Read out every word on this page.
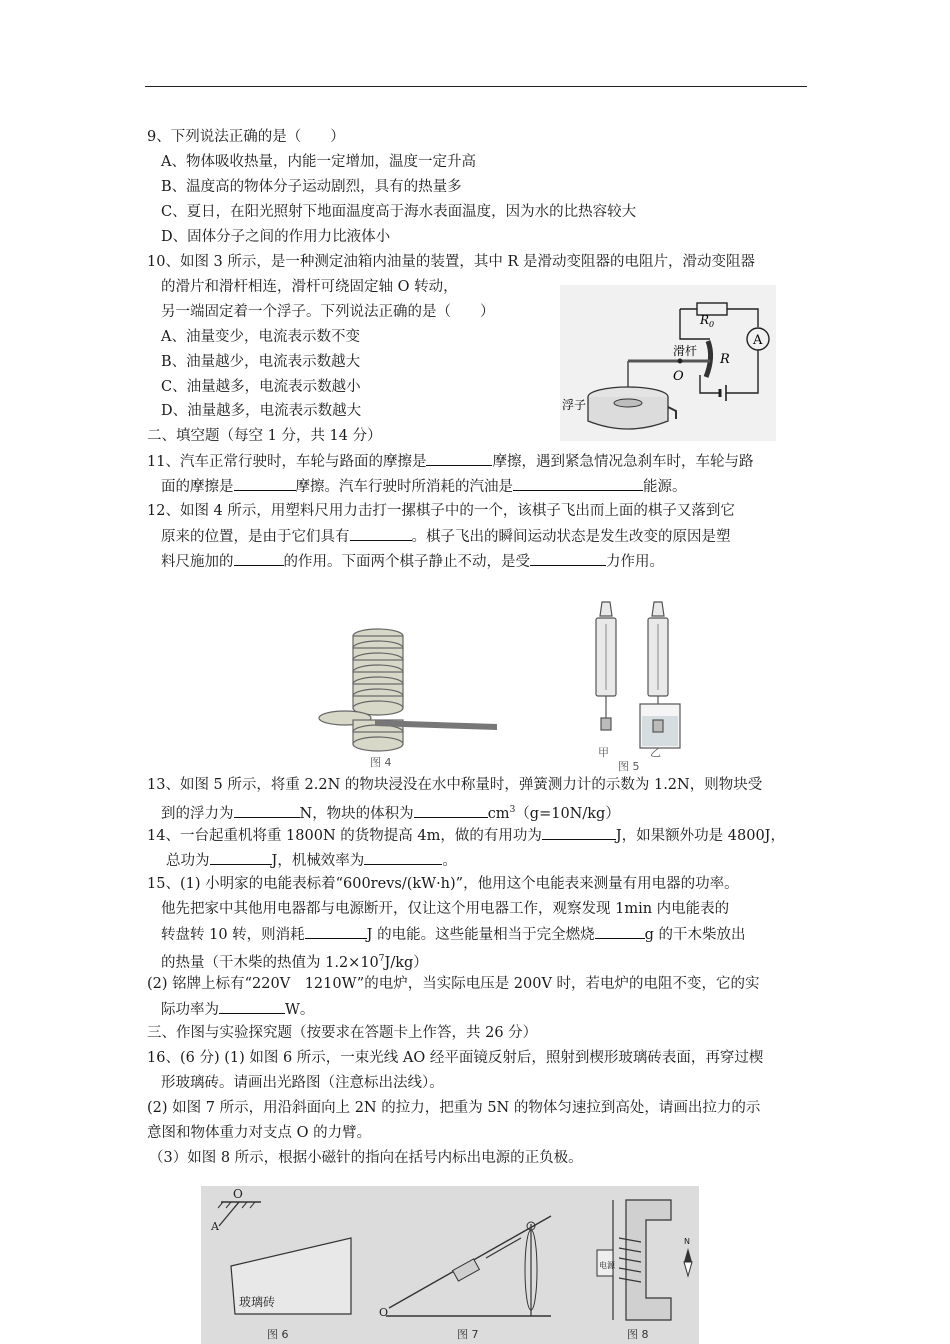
9、下列说法正确的是（　　）
A、物体吸收热量，内能一定增加，温度一定升高
B、温度高的物体分子运动剧烈，具有的热量多
C、夏日，在阳光照射下地面温度高于海水表面温度，因为水的比热容较大
D、固体分子之间的作用力比液体小
10、如图 3 所示，是一种测定油箱内油量的装置，其中 R 是滑动变阻器的电阻片，滑动变阻器
的滑片和滑杆相连，滑杆可绕固定轴 O 转动，
另一端固定着一个浮子。下列说法正确的是（　　）
A、油量变少，电流表示数不变
B、油量越少，电流表示数越大
C、油量越多，电流表示数越小
D、油量越多，电流表示数越大
A
R
O
滑杆
$R_0$
浮子
二、填空题（每空 1 分，共 14 分）
11、汽车正常行驶时，车轮与路面的摩擦是	摩擦，遇到紧急情况急刹车时，车轮与路
面的摩擦是	摩擦。汽车行驶时所消耗的汽油是	能源。
12、如图 4 所示，用塑料尺用力击打一摞棋子中的一个，该棋子飞出而上面的棋子又落到它
原来的位置，是由于它们具有	。棋子飞出的瞬间运动状态是发生改变的原因是塑
料尺施加的	的作用。下面两个棋子静止不动，是受	力作用。
图 4
甲	乙
图 5
13、如图 5 所示，将重 2.2N 的物块浸没在水中称量时，弹簧测力计的示数为 1.2N，则物块受
到的浮力为	N，物块的体积为	$cm^3(g=10N/kg)$
14、一台起重机将重 1800N 的货物提高 4m，做的有用功为	J，如果额外功是 4800J，
总功为	J，机械效率为	。
15、(1) 小明家的电能表标着“600revs/(kW·h)”，他用这个电能表来测量有用电器的功率。
他先把家中其他用电器都与电源断开，仅让这个用电器工作，观察发现 1min 内电能表的
转盘转 10 转，则消耗	J 的电能。这些能量相当于完全燃烧	g 的干木柴放出
的热量（干木柴的热值为 $1.2\times 10^7J/kg$）
(2) 铭牌上标有“220V　1210W”的电炉，当实际电压是 200V 时，若电炉的电阻不变，它的实
际功率为	W。
三、作图与实验探究题（按要求在答题卡上作答，共 26 分）
16、(6 分) (1) 如图 6 所示，一束光线 AO 经平面镜反射后，照射到楔形玻璃砖表面，再穿过楔
形玻璃砖。请画出光路图（注意标出法线）。
(2) 如图 7 所示，用沿斜面向上 2N 的拉力，把重为 5N 的物体匀速拉到高处，请画出拉力的示
意图和物体重力对支点 O 的力臂。
（3）如图 8 所示，根据小磁针的指向在括号内标出电源的正负极。
O
A
玻璃砖
图 6
O
图 7
电源
N
图 8
